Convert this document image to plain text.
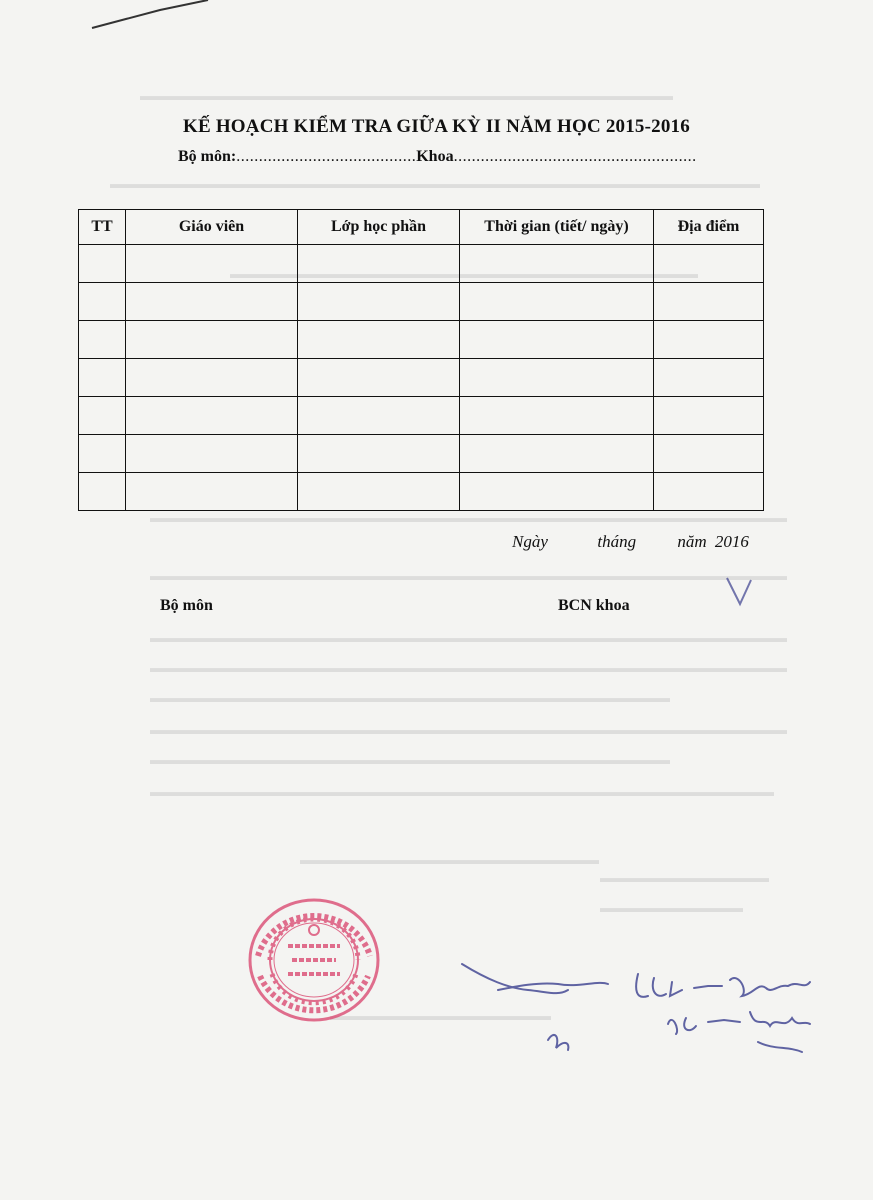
▬▬▬▬▬▬▬▬▬▬▬▬▬▬▬▬▬▬▬▬▬▬▬▬▬▬▬▬▬▬▬▬▬▬▬▬▬▬▬▬▬
▬▬▬▬▬▬▬▬▬▬▬▬▬▬▬▬▬▬▬▬▬▬▬▬▬▬▬▬▬▬▬▬▬▬▬▬▬▬▬▬▬▬▬▬▬▬▬▬▬▬
▬▬▬▬▬▬▬▬▬▬▬▬▬▬▬▬▬▬▬▬▬▬▬▬▬▬▬▬▬▬▬▬▬▬▬▬
▬▬▬▬▬▬▬▬▬▬▬▬▬▬▬▬▬▬▬▬▬▬▬▬▬▬▬▬▬▬▬▬▬▬▬▬▬▬▬▬▬▬▬▬▬▬▬▬▬
▬▬▬▬▬▬▬▬▬▬▬▬▬▬▬▬▬▬▬▬▬▬▬▬▬▬▬▬▬▬▬▬▬▬▬▬▬▬▬▬▬▬▬▬▬▬▬▬▬
▬▬▬▬▬▬▬▬▬▬▬▬▬▬▬▬▬▬▬▬▬▬▬▬▬▬▬▬▬▬▬▬▬▬▬▬▬▬▬▬▬▬▬▬▬▬▬▬▬
▬▬▬▬▬▬▬▬▬▬▬▬▬▬▬▬▬▬▬▬▬▬▬▬▬▬▬▬▬▬▬▬▬▬▬▬▬▬▬▬▬▬▬▬▬▬▬▬▬
▬▬▬▬▬▬▬▬▬▬▬▬▬▬▬▬▬▬▬▬▬▬▬▬▬▬▬▬▬▬▬▬▬▬▬▬▬▬▬▬
▬▬▬▬▬▬▬▬▬▬▬▬▬▬▬▬▬▬▬▬▬▬▬▬▬▬▬▬▬▬▬▬▬▬▬▬▬▬▬▬▬▬▬▬▬▬▬▬▬
▬▬▬▬▬▬▬▬▬▬▬▬▬▬▬▬▬▬▬▬▬▬▬▬▬▬▬▬▬▬▬▬▬▬▬▬▬▬▬▬
▬▬▬▬▬▬▬▬▬▬▬▬▬▬▬▬▬▬▬▬▬▬▬▬▬▬▬▬▬▬▬▬▬▬▬▬▬▬▬▬▬▬▬▬▬▬▬▬
▬▬▬▬▬▬▬▬▬▬▬▬▬▬▬▬▬▬▬▬▬▬▬
▬▬▬▬▬▬▬▬▬▬▬▬▬
▬▬▬▬▬▬▬▬▬▬▬
▬▬▬▬▬▬▬▬▬▬▬▬▬▬▬▬▬
KẾ HOẠCH KIỂM TRA GIỮA KỲ II NĂM HỌC 2015-2016
Bộ môn:........................................Khoa......................................................
TT	Giáo viên	Lớp học phần	Thời gian (tiết/ ngày)	Địa điểm

Ngày      tháng     năm 2016
Bộ môn	BCN khoa
